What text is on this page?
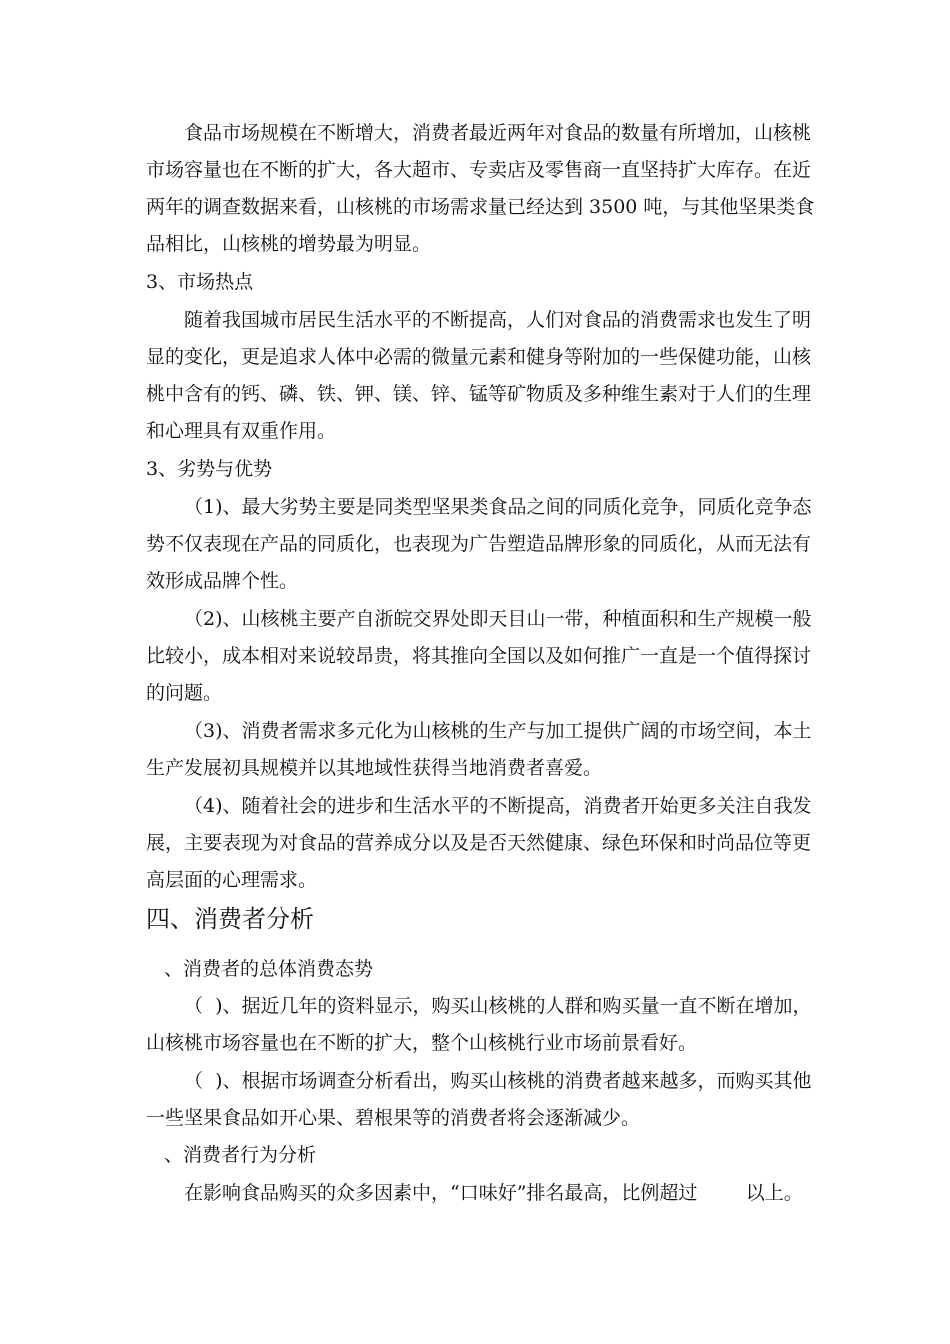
食品市场规模在不断增大，消费者最近两年对食品的数量有所增加，山核桃
市场容量也在不断的扩大，各大超市、专卖店及零售商一直坚持扩大库存。在近
两年的调查数据来看，山核桃的市场需求量已经达到 3500 吨，与其他坚果类食
品相比，山核桃的增势最为明显。
3、市场热点
随着我国城市居民生活水平的不断提高，人们对食品的消费需求也发生了明
显的变化，更是追求人体中必需的微量元素和健身等附加的一些保健功能，山核
桃中含有的钙、磷、铁、钾、镁、锌、锰等矿物质及多种维生素对于人们的生理
和心理具有双重作用。
3、劣势与优势
（1)、最大劣势主要是同类型坚果类食品之间的同质化竞争，同质化竞争态
势不仅表现在产品的同质化，也表现为广告塑造品牌形象的同质化，从而无法有
效形成品牌个性。
（2)、山核桃主要产自浙皖交界处即天目山一带，种植面积和生产规模一般
比较小，成本相对来说较昂贵，将其推向全国以及如何推广一直是一个值得探讨
的问题。
（3)、消费者需求多元化为山核桃的生产与加工提供广阔的市场空间，本土
生产发展初具规模并以其地域性获得当地消费者喜爱。
（4)、随着社会的进步和生活水平的不断提高，消费者开始更多关注自我发
展，主要表现为对食品的营养成分以及是否天然健康、绿色环保和时尚品位等更
高层面的心理需求。
四、消费者分析
、消费者的总体消费态势
（  )、据近几年的资料显示，购买山核桃的人群和购买量一直不断在增加，
山核桃市场容量也在不断的扩大，整个山核桃行业市场前景看好。
（  )、根据市场调查分析看出，购买山核桃的消费者越来越多，而购买其他
一些坚果食品如开心果、碧根果等的消费者将会逐渐减少。
、消费者行为分析
在影响食品购买的众多因素中，“口味好”排名最高，比例超过        以上。
